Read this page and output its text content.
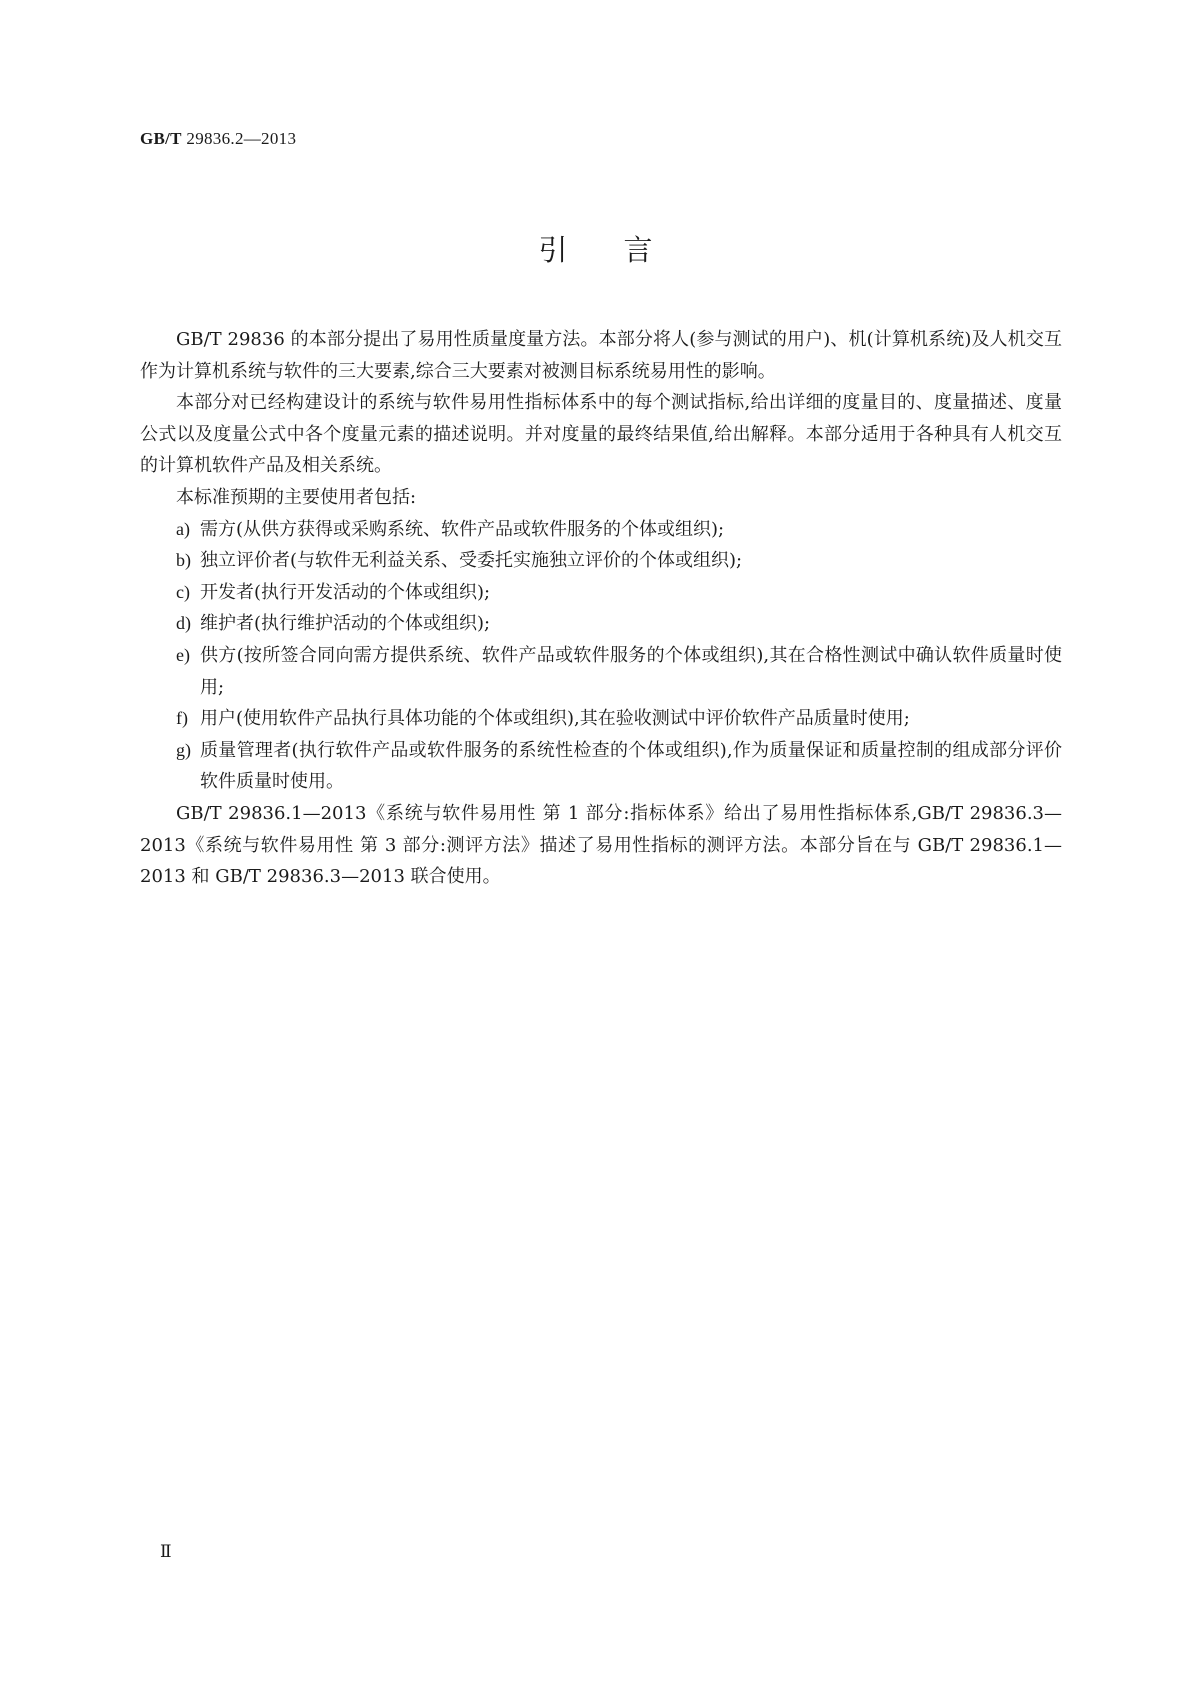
GB/T 29836.2—2013
引言

GB/T 29836 的本部分提出了易用性质量度量方法。本部分将人(参与测试的用户)、机(计算机系统)及人机交互作为计算机系统与软件的三大要素,综合三大要素对被测目标系统易用性的影响。

本部分对已经构建设计的系统与软件易用性指标体系中的每个测试指标,给出详细的度量目的、度量描述、度量公式以及度量公式中各个度量元素的描述说明。并对度量的最终结果值,给出解释。本部分适用于各种具有人机交互的计算机软件产品及相关系统。

本标准预期的主要使用者包括:

a) 需方(从供方获得或采购系统、软件产品或软件服务的个体或组织);

b) 独立评价者(与软件无利益关系、受委托实施独立评价的个体或组织);

c) 开发者(执行开发活动的个体或组织);

d) 维护者(执行维护活动的个体或组织);

e) 供方(按所签合同向需方提供系统、软件产品或软件服务的个体或组织),其在合格性测试中确认软件质量时使用;

f) 用户(使用软件产品执行具体功能的个体或组织),其在验收测试中评价软件产品质量时使用;

g) 质量管理者(执行软件产品或软件服务的系统性检查的个体或组织),作为质量保证和质量控制的组成部分评价软件质量时使用。

GB/T 29836.1—2013《系统与软件易用性 第 1 部分:指标体系》给出了易用性指标体系,GB/T 29836.3—2013《系统与软件易用性 第 3 部分:测评方法》描述了易用性指标的测评方法。本部分旨在与 GB/T 29836.1—2013 和 GB/T 29836.3—2013 联合使用。

Ⅱ
